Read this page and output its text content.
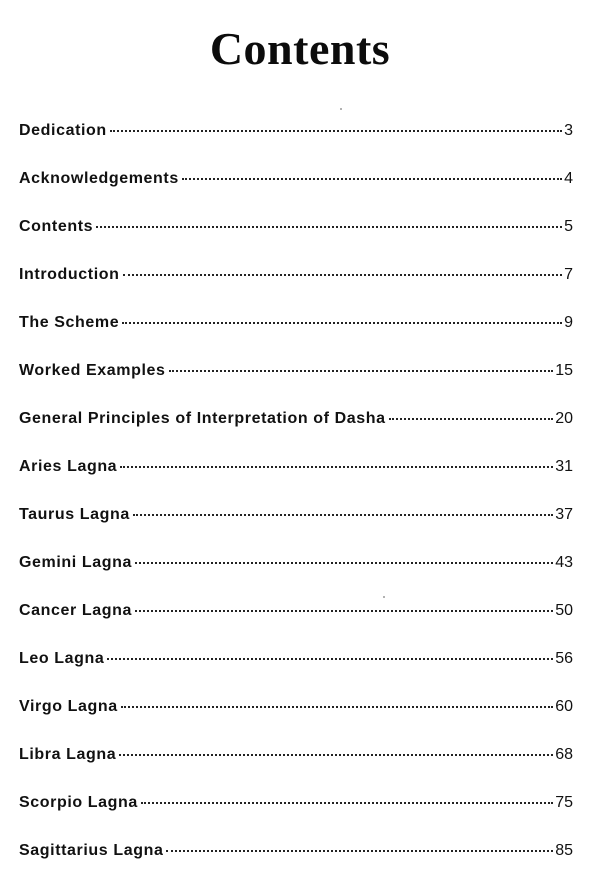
Contents
Dedication	3
Acknowledgements	4
Contents	5
Introduction	7
The Scheme	9
Worked Examples	15
General Principles of Interpretation of Dasha	20
Aries Lagna	31
Taurus Lagna	37
Gemini Lagna	43
Cancer Lagna	50
Leo Lagna	56
Virgo Lagna	60
Libra Lagna	68
Scorpio Lagna	75
Sagittarius Lagna	85
